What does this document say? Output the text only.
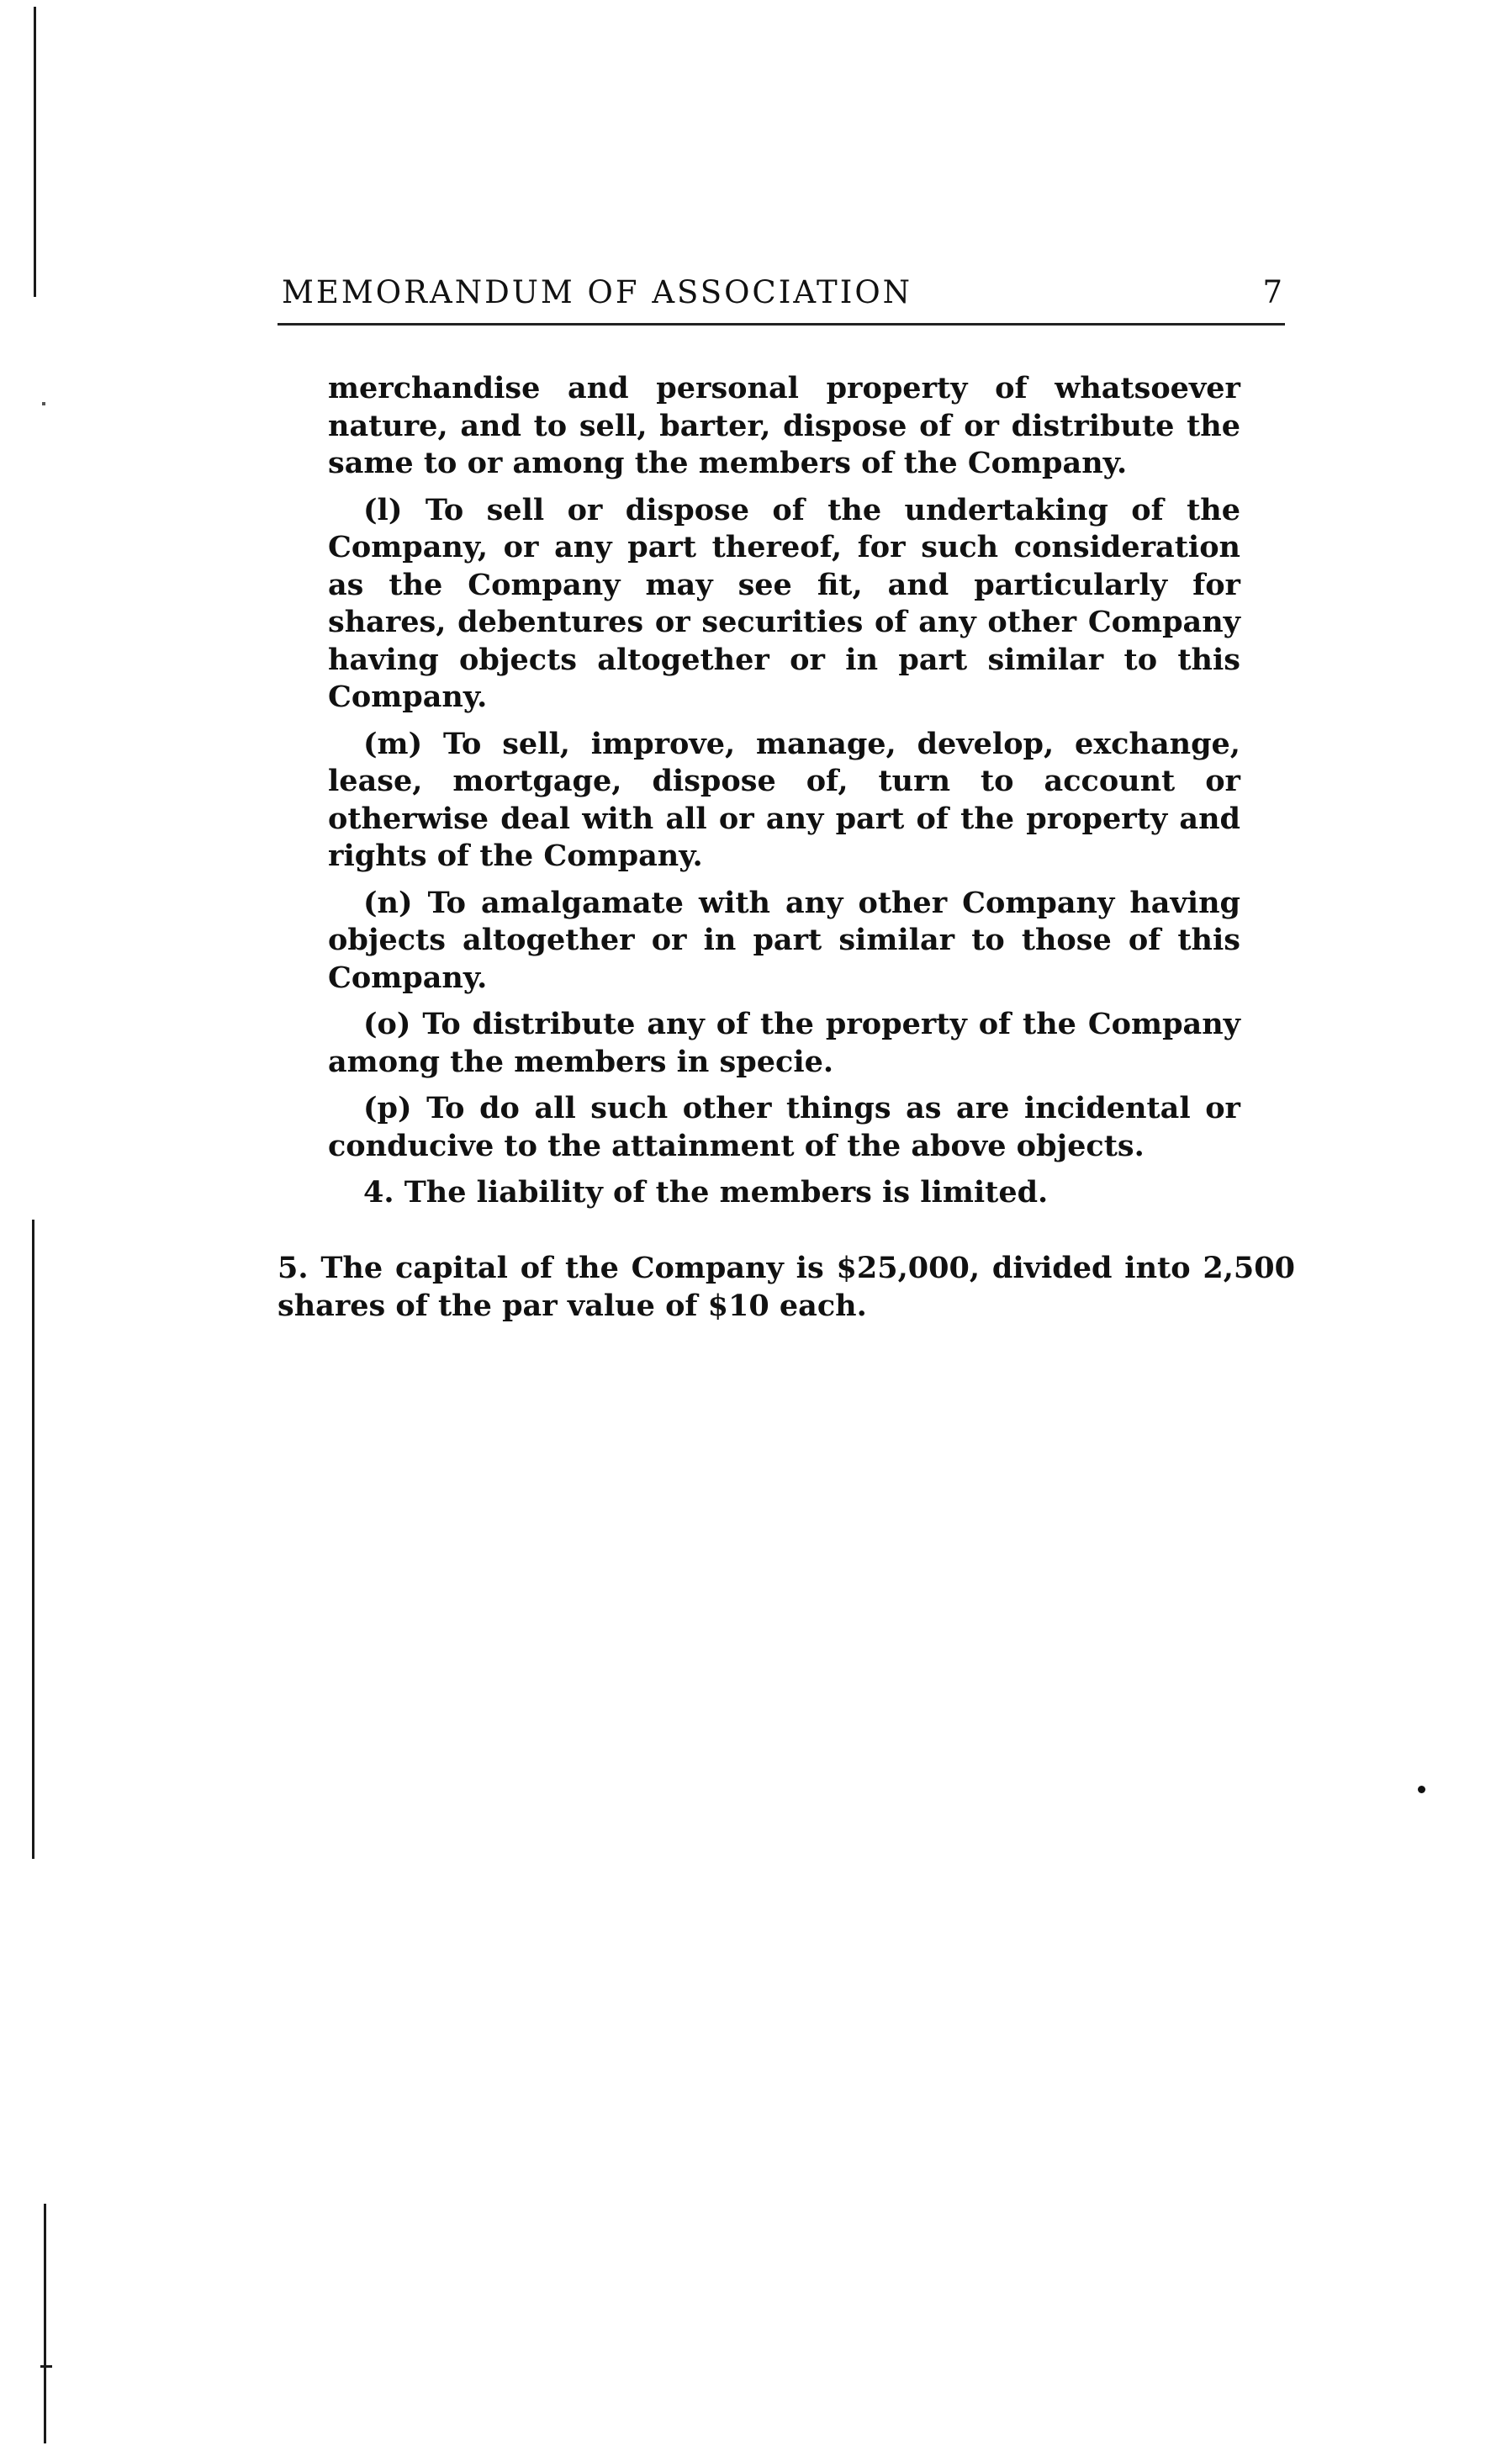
MEMORANDUM OF ASSOCIATION	7

merchandise and personal property of whatsoever nature, and to sell, barter, dispose of or distribute the same to or among the members of the Company.

(l) To sell or dispose of the undertaking of the Company, or any part thereof, for such consideration as the Company may see fit, and particularly for shares, debentures or securities of any other Company having objects altogether or in part similar to this Company.

(m) To sell, improve, manage, develop, exchange, lease, mortgage, dispose of, turn to account or otherwise deal with all or any part of the property and rights of the Company.

(n) To amalgamate with any other Company having objects altogether or in part similar to those of this Company.

(o) To distribute any of the property of the Company among the members in specie.

(p) To do all such other things as are incidental or conducive to the attainment of the above objects.

4. The liability of the members is limited.

5. The capital of the Company is $25,000, divided into 2,500 shares of the par value of $10 each.
